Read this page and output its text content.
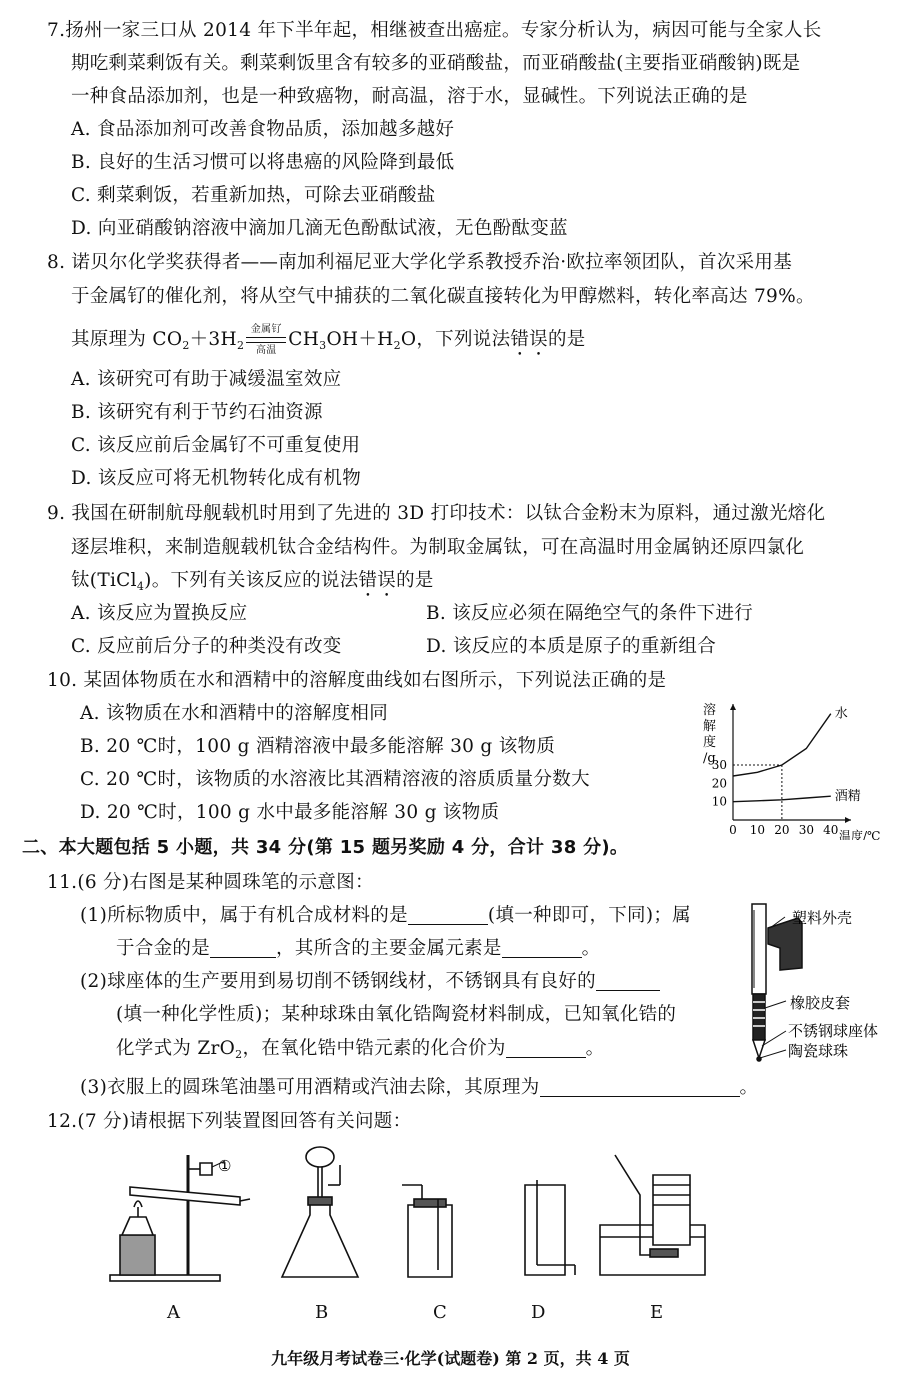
7.扬州一家三口从 2014 年下半年起，相继被查出癌症。专家分析认为，病因可能与全家人长
期吃剩菜剩饭有关。剩菜剩饭里含有较多的亚硝酸盐，而亚硝酸盐(主要指亚硝酸钠)既是
一种食品添加剂，也是一种致癌物，耐高温，溶于水，显碱性。下列说法正确的是
A. 食品添加剂可改善食物品质，添加越多越好
B. 良好的生活习惯可以将患癌的风险降到最低
C. 剩菜剩饭，若重新加热，可除去亚硝酸盐
D. 向亚硝酸钠溶液中滴加几滴无色酚酞试液，无色酚酞变蓝
8. 诺贝尔化学奖获得者——南加利福尼亚大学化学系教授乔治·欧拉率领团队，首次采用基
于金属钌的催化剂，将从空气中捕获的二氧化碳直接转化为甲醇燃料，转化率高达 79%。
其原理为 $CO_2+3H_2$
金属钌
高温
$CH_3OH+H_2O$，下列说法错误的是
A. 该研究可有助于减缓温室效应
B. 该研究有利于节约石油资源
C. 该反应前后金属钌不可重复使用
D. 该反应可将无机物转化成有机物
9. 我国在研制航母舰载机时用到了先进的 3D 打印技术：以钛合金粉末为原料，通过激光熔化
逐层堆积，来制造舰载机钛合金结构件。为制取金属钛，可在高温时用金属钠还原四氯化
钛(TiCl$_4$)。下列有关该反应的说法错误的是
A. 该反应为置换反应	B. 该反应必须在隔绝空气的条件下进行
C. 反应前后分子的种类没有改变	D. 该反应的本质是原子的重新组合
10. 某固体物质在水和酒精中的溶解度曲线如右图所示，下列说法正确的是
A. 该物质在水和酒精中的溶解度相同
B. 20 ℃时，100 g 酒精溶液中最多能溶解 30 g 该物质
C. 20 ℃时，该物质的水溶液比其酒精溶液的溶质质量分数大
D. 20 ℃时，100 g 水中最多能溶解 30 g 该物质
溶
解
度
/g
10
20
30
0 10 20 30 40 温度/℃
水
酒精
二、本大题包括 5 小题，共 34 分(第 15 题另奖励 4 分，合计 38 分)。
11.(6 分)右图是某种圆珠笔的示意图：
(1)所标物质中，属于有机合成材料的是	(填一种即可，下同)；属
于合金的是	，其所含的主要金属元素是	。
(2)球座体的生产要用到易切削不锈钢线材，不锈钢具有良好的
(填一种化学性质)；某种球珠由氧化锆陶瓷材料制成，已知氧化锆的
化学式为 ZrO$_2$，在氧化锆中锆元素的化合价为	。
(3)衣服上的圆珠笔油墨可用酒精或汽油去除，其原理为	。
塑料外壳
橡胶皮套
不锈钢球座体
陶瓷球珠
12.(7 分)请根据下列装置图回答有关问题：
①
A	B	C	D	E
九年级月考试卷三·化学(试题卷) 第 2 页，共 4 页
